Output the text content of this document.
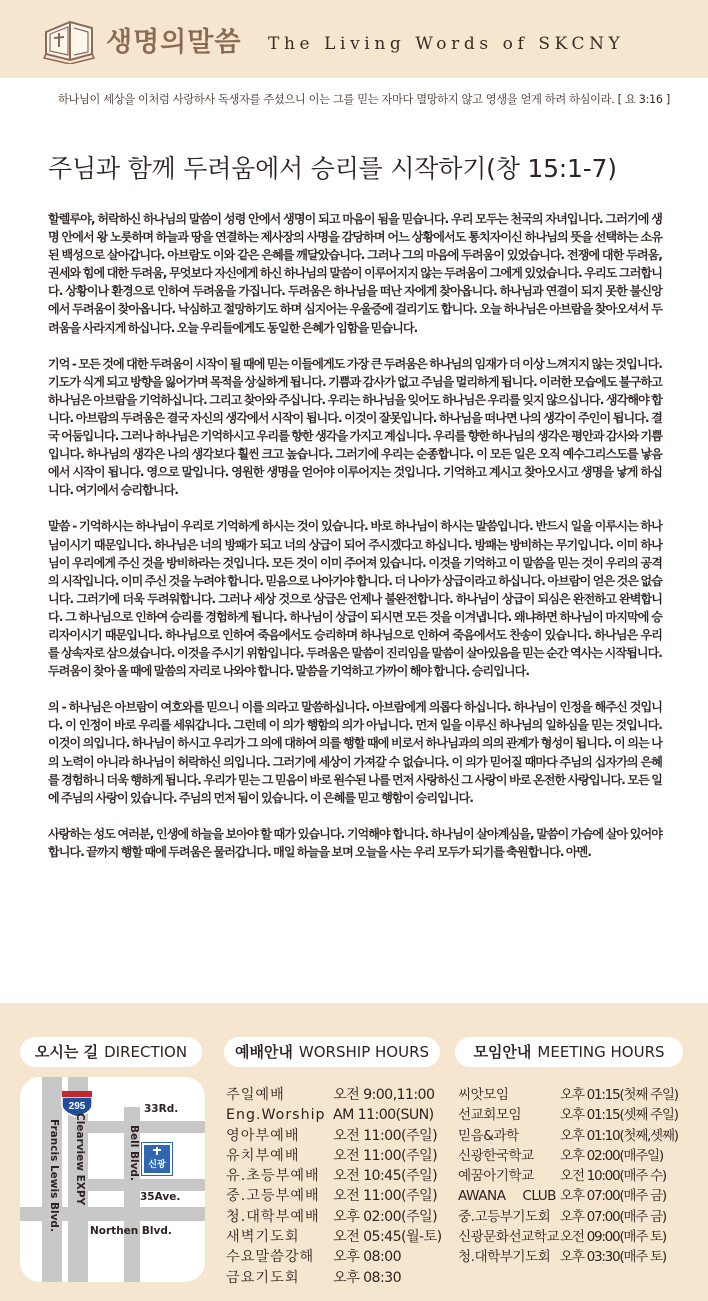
생명의말씀 The Living Words of SKCNY
하나님이 세상을 이처럼 사랑하사 독생자를 주셨으니 이는 그를 믿는 자마다 멸망하지 않고 영생을 얻게 하려 하심이라. [ 요 3:16 ]
주님과 함께 두려움에서 승리를 시작하기(창 15:1-7)

할렐루야, 허락하신 하나님의 말씀이 성령 안에서 생명이 되고 마음이 됨을 믿습니다. 우리 모두는 천국의 자녀입니다. 그러기에 생명 안에서 왕 노릇하며 하늘과 땅을 연결하는 제사장의 사명을 감당하며 어느 상황에서도 통치자이신 하나님의 뜻을 선택하는 소유된 백성으로 살아갑니다. 아브람도 이와 같은 은혜를 깨달았습니다. 그러나 그의 마음에 두려움이 있었습니다. 전쟁에 대한 두려움, 권세와 힘에 대한 두려움, 무엇보다 자신에게 하신 하나님의 말씀이 이루어지지 않는 두려움이 그에게 있었습니다. 우리도 그러합니다. 상황이나 환경으로 인하여 두려움을 가집니다. 두려움은 하나님을 떠난 자에게 찾아옵니다. 하나님과 연결이 되지 못한 불신앙에서 두려움이 찾아옵니다. 낙심하고 절망하기도 하며 심지어는 우울증에 걸리기도 합니다. 오늘 하나님은 아브람을 찾아오셔서 두려움을 사라지게 하십니다. 오늘 우리들에게도 동일한 은혜가 임함을 믿습니다.

기억 - 모든 것에 대한 두려움이 시작이 될 때에 믿는 이들에게도 가장 큰 두려움은 하나님의 임재가 더 이상 느껴지지 않는 것입니다. 기도가 식게 되고 방향을 잃어가며 목적을 상실하게 됩니다. 기쁨과 감사가 없고 주님을 멀리하게 됩니다. 이러한 모습에도 불구하고 하나님은 아브람을 기억하십니다. 그리고 찾아와 주십니다. 우리는 하나님을 잊어도 하나님은 우리를 잊지 않으십니다. 생각해야 합니다. 아브람의 두려움은 결국 자신의 생각에서 시작이 됩니다. 이것이 잘못입니다. 하나님을 떠나면 나의 생각이 주인이 됩니다. 결국 어둠입니다. 그러나 하나님은 기억하시고 우리를 향한 생각을 가지고 계십니다. 우리를 향한 하나님의 생각은 평안과 감사와 기쁨입니다. 하나님의 생각은 나의 생각보다 훨씬 크고 높습니다. 그러기에 우리는 순종합니다. 이 모든 일은 오직 예수그리스도를 낳음에서 시작이 됩니다. 영으로 말입니다. 영원한 생명을 얻어야 이루어지는 것입니다. 기억하고 계시고 찾아오시고 생명을 낳게 하십니다. 여기에서 승리합니다.

말씀 - 기억하시는 하나님이 우리로 기억하게 하시는 것이 있습니다. 바로 하나님이 하시는 말씀입니다. 반드시 일을 이루시는 하나님이시기 때문입니다. 하나님은 너의 방패가 되고 너의 상급이 되어 주시겠다고 하십니다. 방패는 방비하는 무기입니다. 이미 하나님이 우리에게 주신 것을 방비하라는 것입니다. 모든 것이 이미 주어져 있습니다. 이것을 기억하고 이 말씀을 믿는 것이 우리의 공격의 시작입니다. 이미 주신 것을 누려야 합니다. 믿음으로 나아가야 합니다. 더 나아가 상급이라고 하십니다. 아브람이 얻은 것은 없습니다. 그러기에 더욱 두려워합니다. 그러나 세상 것으로 상급은 언제나 불완전합니다. 하나님이 상급이 되심은 완전하고 완벽합니다. 그 하나님으로 인하여 승리를 경험하게 됩니다. 하나님이 상급이 되시면 모든 것을 이겨냅니다. 왜냐하면 하나님이 마지막에 승리자이시기 때문입니다. 하나님으로 인하여 죽음에서도 승리하며 하나님으로 인하여 죽음에서도 찬송이 있습니다. 하나님은 우리를 상속자로 삼으셨습니다. 이것을 주시기 위함입니다. 두려움은 말씀이 진리임을 말씀이 살아있음을 믿는 순간 역사는 시작됩니다. 두려움이 찾아 올 때에 말씀의 자리로 나와야 합니다. 말씀을 기억하고 가까이 해야 합니다. 승리입니다.

의 - 하나님은 아브람이 여호와를 믿으니 이를 의라고 말씀하십니다. 아브람에게 의롭다 하십니다. 하나님이 인정을 해주신 것입니다. 이 인정이 바로 우리를 세워갑니다. 그런데 이 의가 행함의 의가 아닙니다. 먼저 일을 이루신 하나님의 일하심을 믿는 것입니다. 이것이 의입니다. 하나님이 하시고 우리가 그 의에 대하여 의를 행할 때에 비로서 하나님과의 의의 관계가 형성이 됩니다. 이 의는 나의 노력이 아니라 하나님이 허락하신 의입니다. 그러기에 세상이 가져갈 수 없습니다. 이 의가 믿어질 때마다 주님의 십자가의 은혜를 경험하니 더욱 행하게 됩니다. 우리가 믿는 그 믿음이 바로 원수된 나를 먼저 사랑하신 그 사랑이 바로 온전한 사랑입니다. 모든 일에 주님의 사랑이 있습니다. 주님의 먼저 됨이 있습니다. 이 은혜를 믿고 행함이 승리입니다.

사랑하는 성도 여러분, 인생에 하늘을 보아야 할 때가 있습니다. 기억해야 합니다. 하나님이 살아계심을, 말씀이 가슴에 살아 있어야 합니다. 끝까지 행할 때에 두려움은 물러갑니다. 매일 하늘을 보며 오늘을 사는 우리 모두가 되기를 축원합니다. 아멘.

오시는 길 DIRECTION	예배안내 WORSHIP HOURS	모임안내 MEETING HOURS
295	33Rd.
Bell Blvd.
Clearview EXPY
Francis Lewis Blvd.	35Ave.
Northen Blvd.
신광
주일예배	오전 9:00,11:00
Eng.Worship AM 11:00(SUN)
영아부예배	오전 11:00(주일)
유치부예배	오전 11:00(주일)
유.초등부예배 오전 10:45(주일)
중.고등부예배 오전 11:00(주일)
청.대학부예배 오후 02:00(주일)
새벽기도회	오전 05:45(월-토)
수요말씀강해	오후 08:00
금요기도회	오후 08:30
씨앗모임	오후 01:15(첫째 주일)
선교회모임	오후 01:15(셋째 주일)
믿음&과학	오후 01:10(첫째,셋째)
신광한국학교	오후 02:00(매주일)
예꿈아기학교	오전 10:00(매주 수)
AWANA CLUB 오후 07:00(매주 금)
중.고등부기도회 오후 07:00(매주 금)
신광문화선교학교 오전 09:00(매주 토)
청.대학부기도회 오후 03:30(매주 토)
